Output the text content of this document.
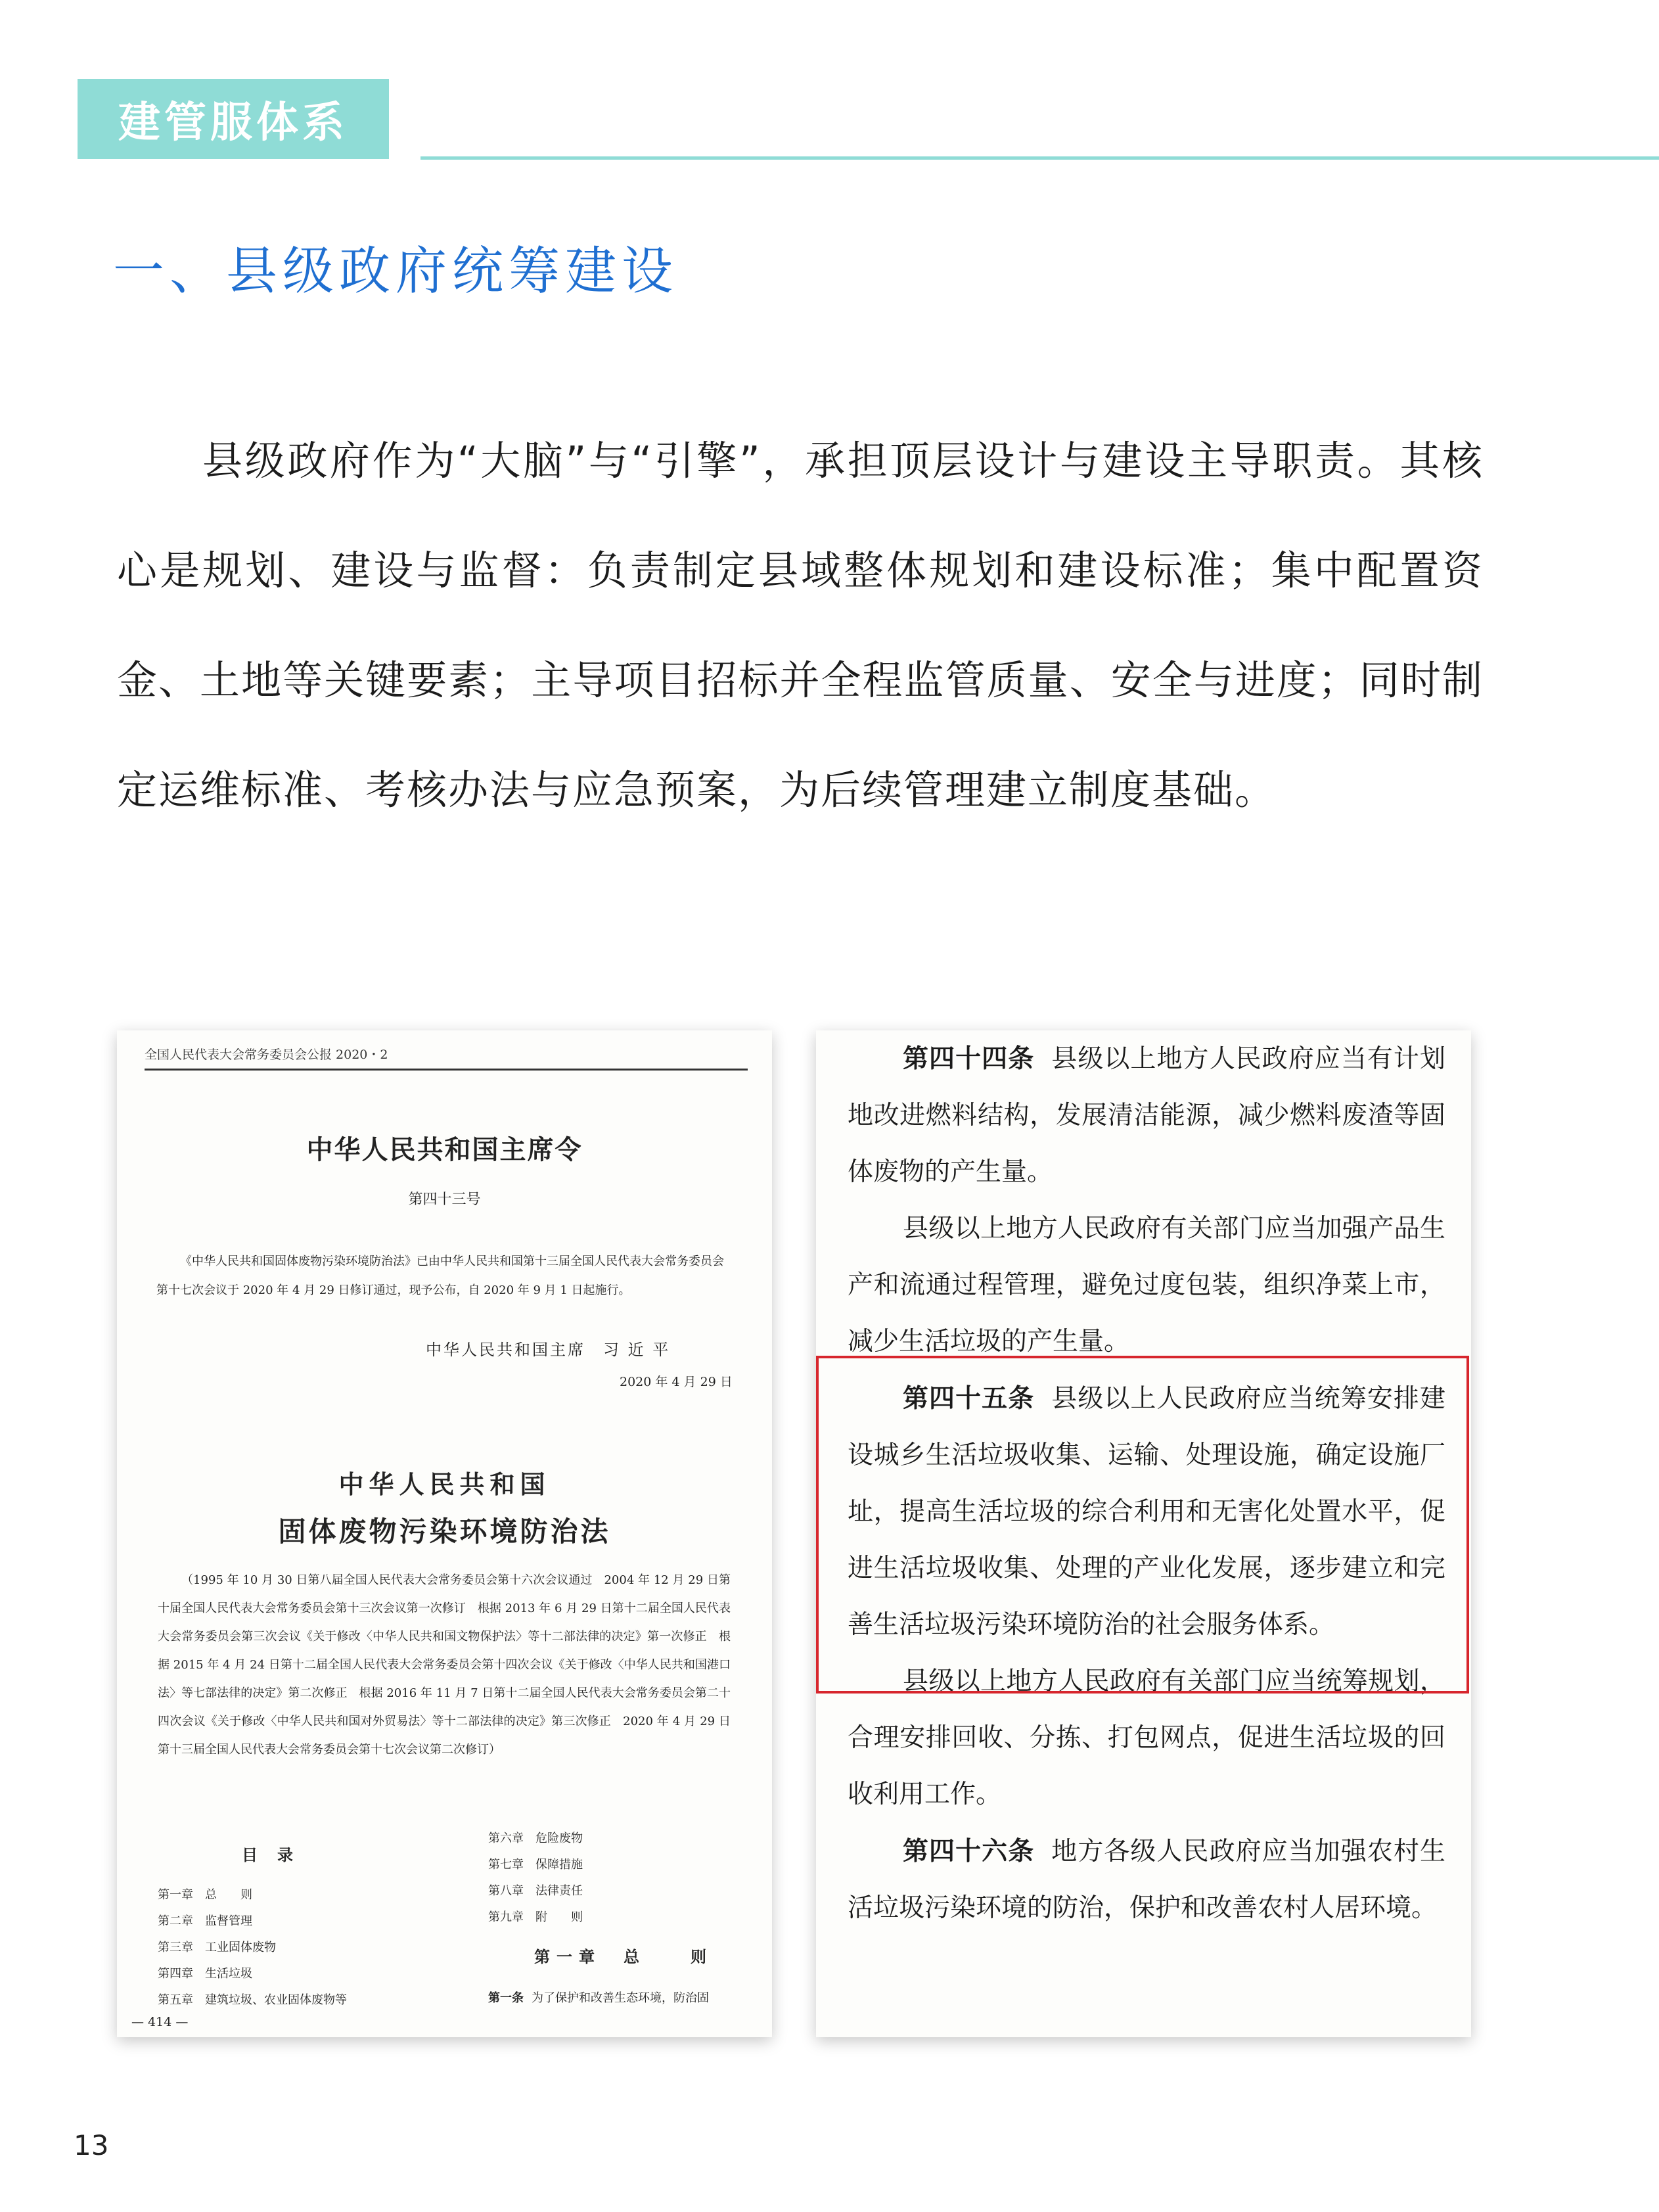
建管服体系
一、县级政府统筹建设

县级政府作为“大脑”与“引擎”，承担顶层设计与建设主导职责。其核心是规划、建设与监督：负责制定县域整体规划和建设标准；集中配置资金、土地等关键要素；主导项目招标并全程监管质量、安全与进度；同时制定运维标准、考核办法与应急预案，为后续管理建立制度基础。

全国人民代表大会常务委员会公报 2020・2
中华人民共和国主席令
第四十三号
《中华人民共和国固体废物污染环境防治法》已由中华人民共和国第十三届全国人民代表大会常务委员会第十七次会议于 2020 年 4 月 29 日修订通过，现予公布，自 2020 年 9 月 1 日起施行。
中华人民共和国主席　习 近 平
2020 年 4 月 29 日
中华人民共和国
固体废物污染环境防治法
（1995 年 10 月 30 日第八届全国人民代表大会常务委员会第十六次会议通过　2004 年 12 月 29 日第十届全国人民代表大会常务委员会第十三次会议第一次修订　根据 2013 年 6 月 29 日第十二届全国人民代表大会常务委员会第三次会议《关于修改〈中华人民共和国文物保护法〉等十二部法律的决定》第一次修正　根据 2015 年 4 月 24 日第十二届全国人民代表大会常务委员会第十四次会议《关于修改〈中华人民共和国港口法〉等七部法律的决定》第二次修正　根据 2016 年 11 月 7 日第十二届全国人民代表大会常务委员会第二十四次会议《关于修改〈中华人民共和国对外贸易法〉等十二部法律的决定》第三次修正　2020 年 4 月 29 日第十三届全国人民代表大会常务委员会第十七次会议第二次修订）
目录
第一章　总　　则
第二章　监督管理
第三章　工业固体废物
第四章　生活垃圾
第五章　建筑垃圾、农业固体废物等
第六章　危险废物
第七章　保障措施
第八章　法律责任
第九章　附　　则
第一章　总　　则
第一条 为了保护和改善生态环境，防治固
— 414 —

第四十四条 县级以上地方人民政府应当有计划地改进燃料结构，发展清洁能源，减少燃料废渣等固体废物的产生量。

县级以上地方人民政府有关部门应当加强产品生产和流通过程管理，避免过度包装，组织净菜上市，减少生活垃圾的产生量。

第四十五条 县级以上人民政府应当统筹安排建设城乡生活垃圾收集、运输、处理设施，确定设施厂址，提高生活垃圾的综合利用和无害化处置水平，促进生活垃圾收集、处理的产业化发展，逐步建立和完善生活垃圾污染环境防治的社会服务体系。

县级以上地方人民政府有关部门应当统筹规划，合理安排回收、分拣、打包网点，促进生活垃圾的回收利用工作。

第四十六条 地方各级人民政府应当加强农村生活垃圾污染环境的防治，保护和改善农村人居环境。

13
